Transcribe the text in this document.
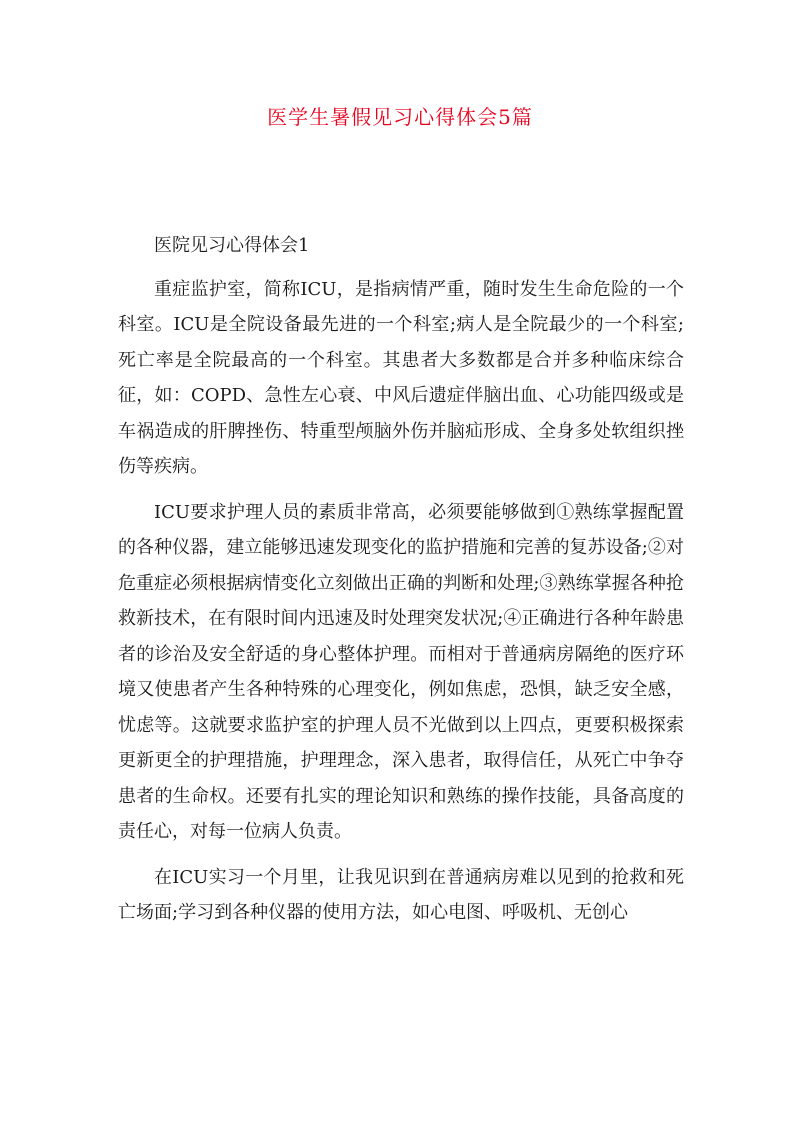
医学生暑假见习心得体会5篇

医院见习心得体会1

重症监护室，简称ICU，是指病情严重，随时发生生命危险的一个科室。ICU是全院设备最先进的一个科室;病人是全院最少的一个科室;死亡率是全院最高的一个科室。其患者大多数都是合并多种临床综合征，如：COPD、急性左心衰、中风后遗症伴脑出血、心功能四级或是车祸造成的肝脾挫伤、特重型颅脑外伤并脑疝形成、全身多处软组织挫伤等疾病。

ICU要求护理人员的素质非常高，必须要能够做到①熟练掌握配置的各种仪器，建立能够迅速发现变化的监护措施和完善的复苏设备;②对危重症必须根据病情变化立刻做出正确的判断和处理;③熟练掌握各种抢救新技术，在有限时间内迅速及时处理突发状况;④正确进行各种年龄患者的诊治及安全舒适的身心整体护理。而相对于普通病房隔绝的医疗环境又使患者产生各种特殊的心理变化，例如焦虑，恐惧，缺乏安全感，忧虑等。这就要求监护室的护理人员不光做到以上四点，更要积极探索更新更全的护理措施，护理理念，深入患者，取得信任，从死亡中争夺患者的生命权。还要有扎实的理论知识和熟练的操作技能，具备高度的责任心，对每一位病人负责。

在ICU实习一个月里，让我见识到在普通病房难以见到的抢救和死亡场面;学习到各种仪器的使用方法，如心电图、呼吸机、无创心
